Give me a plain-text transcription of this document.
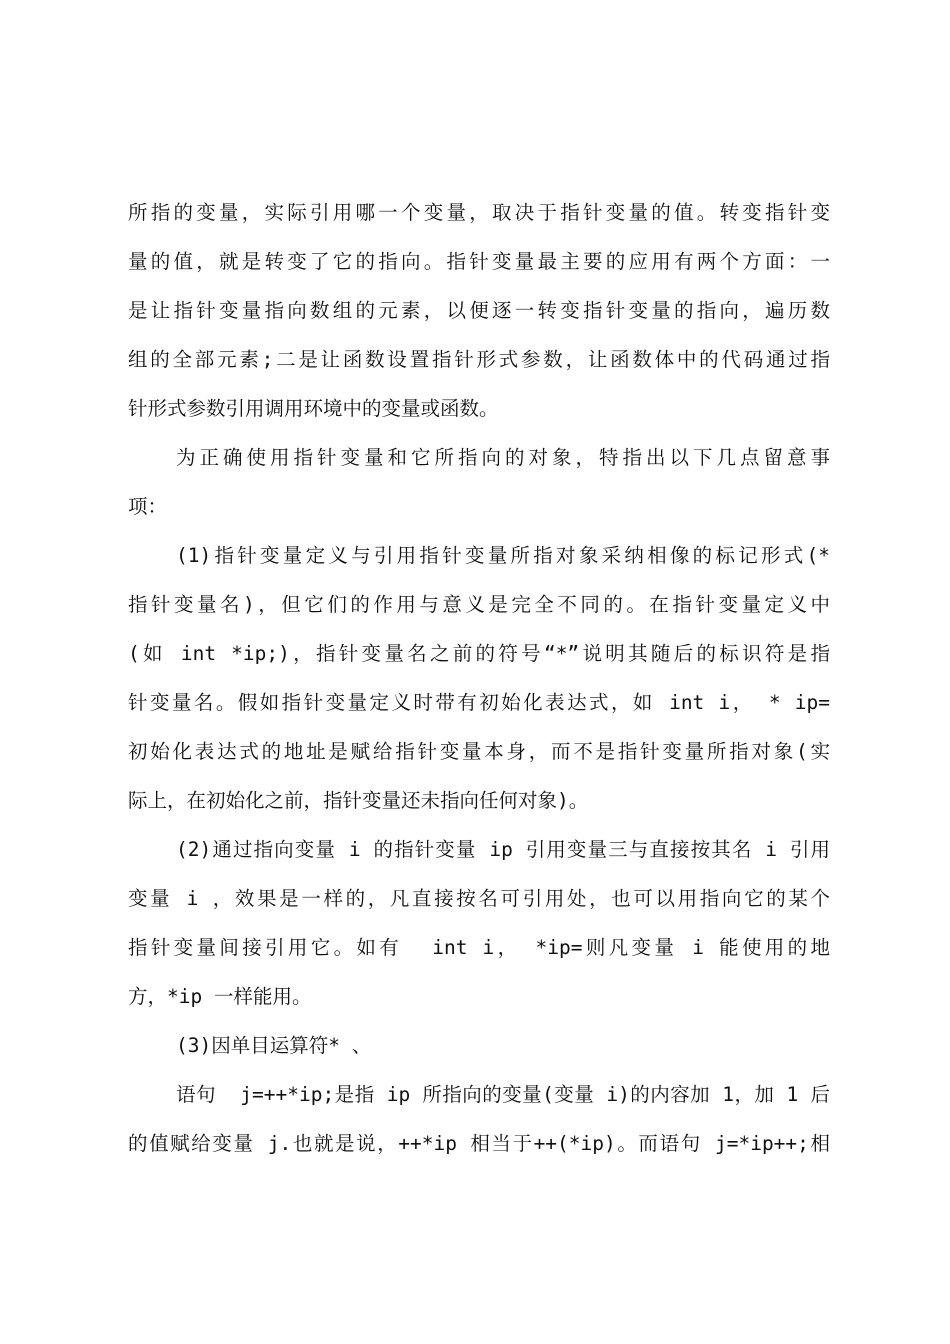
所指的变量，实际引用哪一个变量，取决于指针变量的值。转变指针变
量的值，就是转变了它的指向。指针变量最主要的应用有两个方面：一
是让指针变量指向数组的元素，以便逐一转变指针变量的指向，遍历数
组的全部元素;二是让函数设置指针形式参数，让函数体中的代码通过指
针形式参数引用调用环境中的变量或函数。
为正确使用指针变量和它所指向的对象，特指出以下几点留意事
项：
(1)指针变量定义与引用指针变量所指对象采纳相像的标记形式(*
指针变量名)，但它们的作用与意义是完全不同的。在指针变量定义中
(如 int *ip;)，指针变量名之前的符号“*”说明其随后的标识符是指
针变量名。假如指针变量定义时带有初始化表达式，如 int i， * ip=
初始化表达式的地址是赋给指针变量本身，而不是指针变量所指对象(实
际上，在初始化之前，指针变量还未指向任何对象)。
(2)通过指向变量 i 的指针变量 ip 引用变量三与直接按其名 i 引用
变量 i ，效果是一样的，凡直接按名可引用处，也可以用指向它的某个
指针变量间接引用它。如有  int i， *ip=则凡变量 i 能使用的地
方，*ip 一样能用。
(3)因单目运算符* 、
语句  j=++*ip;是指 ip 所指向的变量(变量 i)的内容加 1，加 1 后
的值赋给变量 j.也就是说，++*ip 相当于++(*ip)。而语句 j=*ip++;相
